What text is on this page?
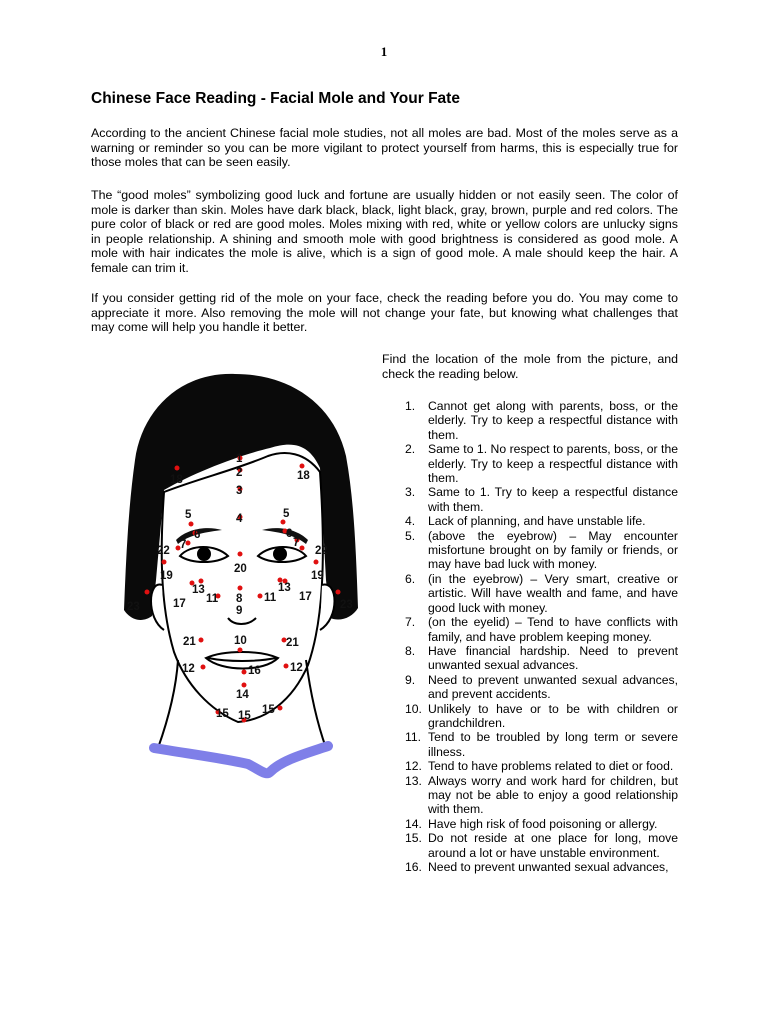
1
Chinese Face Reading - Facial Mole and Your Fate

According to the ancient Chinese facial mole studies, not all moles are bad. Most of the moles serve as a warning or reminder so you can be more vigilant to protect yourself from harms, this is especially true for those moles that can be seen easily.

The “good moles” symbolizing good luck and fortune are usually hidden or not easily seen. The color of mole is darker than skin. Moles have dark black, black, light black, gray, brown, purple and red colors. The pure color of black or red are good moles. Moles mixing with red, white or yellow colors are unlucky signs in people relationship. A shining and smooth mole with good brightness is considered as good mole. A mole with hair indicates the mole is alive, which is a sign of good mole. A male should keep the hair. A female can trim it.

If you consider getting rid of the mole on your face, check the reading before you do. You may come to appreciate it more. Also removing the mole will not change your fate, but knowing what challenges that may come will help you handle it better.

Find the location of the mole from the picture, and check the reading below.

1. Cannot get along with parents, boss, or the elderly. Try to keep a respectful distance with them.
2. Same to 1. No respect to parents, boss, or the elderly. Try to keep a respectful distance with them.
3. Same to 1. Try to keep a respectful distance with them.
4. Lack of planning, and have unstable life.
5. (above the eyebrow) – May encounter misfortune brought on by family or friends, or may have bad luck with money.
6. (in the eyebrow) – Very smart, creative or artistic. Will have wealth and fame, and have good luck with money.
7. (on the eyelid) – Tend to have conflicts with family, and have problem keeping money.
8. Have financial hardship. Need to prevent unwanted sexual advances.
9. Need to prevent unwanted sexual advances, and prevent accidents.
10. Unlikely to have or to be with children or grandchildren.
11. Tend to be troubled by long term or severe illness.
12. Tend to have problems related to diet or food.
13. Always worry and work hard for children, but may not be able to enjoy a good relationship with them.
14. Have high risk of food poisoning or allergy.
15. Do not reside at one place for long, move around a lot or have unstable environment.
16. Need to prevent unwanted sexual advances,
1
2
3
4
5	5
6	6
7	7
8
9
10
11	11
12	12
13	13
14
15 15 15
16
17
17
18	18
19	19
20
21	21
22	22
23	23
